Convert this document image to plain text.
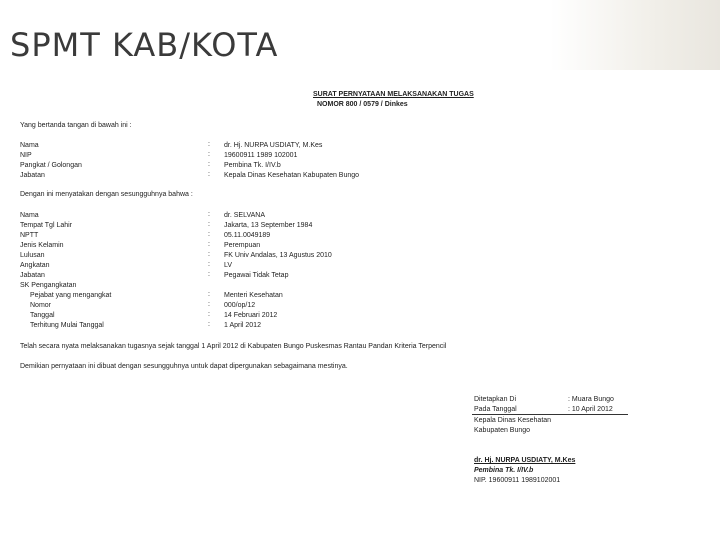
SPMT KAB/KOTA
SURAT PERNYATAAN MELAKSANAKAN TUGAS
NOMOR 800 / 0579 / Dinkes
Yang bertanda tangan di bawah ini :
Nama	: dr. Hj. NURPA USDIATY, M.Kes
NIP	: 19600911 1989 102001
Pangkat / Golongan	: Pembina Tk. I/IV.b
Jabatan	: Kepala Dinas Kesehatan Kabupaten Bungo
Dengan ini menyatakan dengan sesungguhnya bahwa :
Nama	: dr. SELVANA
Tempat Tgl Lahir	: Jakarta, 13 September 1984
NPTT	: 05.11.0049189
Jenis Kelamin	: Perempuan
Lulusan	: FK Univ Andalas, 13 Agustus 2010
Angkatan	: LV
Jabatan	: Pegawai Tidak Tetap
SK Pengangkatan
Pejabat yang mengangkat	: Menteri Kesehatan
Nomor	: 000/op/12
Tanggal	: 14 Februari 2012
Terhitung Mulai Tanggal	: 1 April 2012
Telah secara nyata melaksanakan tugasnya sejak tanggal 1 April 2012 di Kabupaten Bungo Puskesmas Rantau Pandan Kriteria Terpencil
Demikian pernyataan ini dibuat dengan sesungguhnya untuk dapat dipergunakan sebagaimana mestinya.
Ditetapkan Di	: Muara Bungo
Pada Tanggal	: 10 April 2012
Kepala Dinas Kesehatan
Kabupaten Bungo
dr. Hj. NURPA USDIATY, M.Kes
Pembina Tk. I/IV.b
NIP. 19600911 1989102001
